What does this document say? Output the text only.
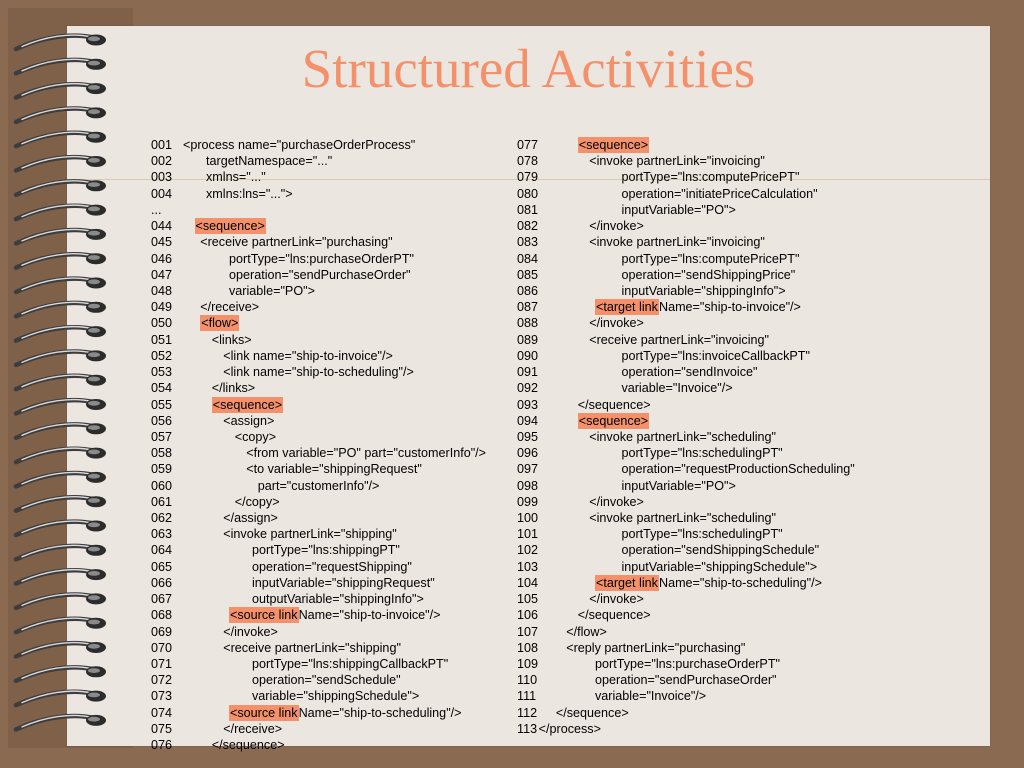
Structured Activities
001 <process name="purchaseOrderProcess"
002	targetNamespace="..."
003	xmlns="..."
004	xmlns:lns="...">
...
044 <sequence>
045 <receive partnerLink="purchasing"
046	portType="lns:purchaseOrderPT"
047	operation="sendPurchaseOrder"
048	variable="PO">
049 </receive>
050 <flow>
051	<links>
052	<link name="ship-to-invoice"/>
053	<link name="ship-to-scheduling"/>
054	</links>
055	<sequence>
056	<assign>
057	<copy>
058	<from variable="PO" part="customerInfo"/>
059	<to variable="shippingRequest"
060	part="customerInfo"/>
061	</copy>
062	</assign>
063	<invoke partnerLink="shipping"
064	portType="lns:shippingPT"
065	operation="requestShipping"
066	inputVariable="shippingRequest"
067	outputVariable="shippingInfo">
068	<source linkName="ship-to-invoice"/>
069	</invoke>
070	<receive partnerLink="shipping"
071	portType="lns:shippingCallbackPT"
072	operation="sendSchedule"
073	variable="shippingSchedule">
074	<source linkName="ship-to-scheduling"/>
075	</receive>
076	</sequence>
077	<sequence>
078	<invoke partnerLink="invoicing"
079	portType="lns:computePricePT"
080	operation="initiatePriceCalculation"
081	inputVariable="PO">
082	</invoke>
083	<invoke partnerLink="invoicing"
084	portType="lns:computePricePT"
085	operation="sendShippingPrice"
086	inputVariable="shippingInfo">
087	<target linkName="ship-to-invoice"/>
088	</invoke>
089	<receive partnerLink="invoicing"
090	portType="lns:invoiceCallbackPT"
091	operation="sendInvoice"
092	variable="Invoice"/>
093	</sequence>
094	<sequence>
095	<invoke partnerLink="scheduling"
096	portType="lns:schedulingPT"
097	operation="requestProductionScheduling"
098	inputVariable="PO">
099	</invoke>
100	<invoke partnerLink="scheduling"
101	portType="lns:schedulingPT"
102	operation="sendShippingSchedule"
103	inputVariable="shippingSchedule">
104	<target linkName="ship-to-scheduling"/>
105	</invoke>
106	</sequence>
107 </flow>
108 <reply partnerLink="purchasing"
109	portType="lns:purchaseOrderPT"
110	operation="sendPurchaseOrder"
111	variable="Invoice"/>
112 </sequence>
113 </process>
